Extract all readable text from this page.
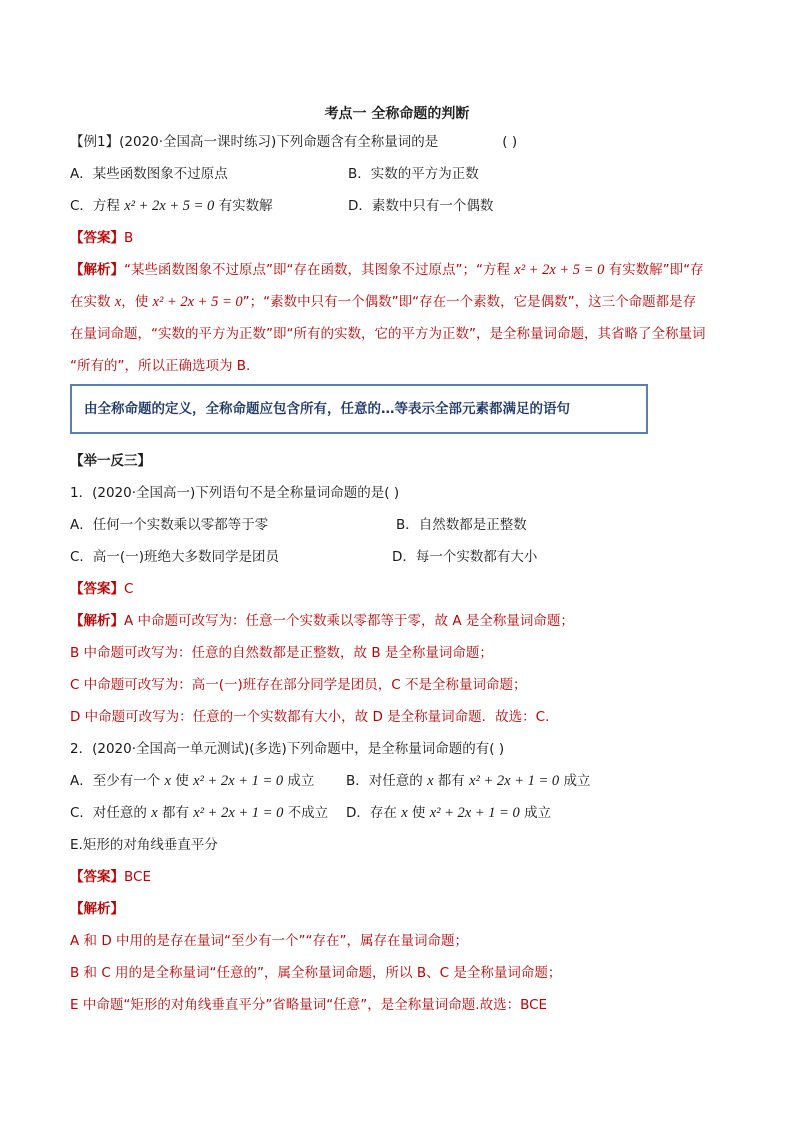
考点一 全称命题的判断
【例1】(2020·全国高一课时练习)下列命题含有全称量词的是	( )
A．某些函数图象不过原点	B．实数的平方为正数
C．方程 x² + 2x + 5 = 0 有实数解	D．素数中只有一个偶数
【答案】B
【解析】“某些函数图象不过原点”即“存在函数，其图象不过原点”；“方程 x² + 2x + 5 = 0 有实数解”即“存
在实数 x，使 x² + 2x + 5 = 0”；“素数中只有一个偶数”即“存在一个素数，它是偶数”，这三个命题都是存
在量词命题，“实数的平方为正数”即“所有的实数，它的平方为正数”，是全称量词命题，其省略了全称量词
“所有的”，所以正确选项为 B.
由全称命题的定义，全称命题应包含所有，任意的…等表示全部元素都满足的语句
【举一反三】
1．(2020·全国高一)下列语句不是全称量词命题的是( )
A．任何一个实数乘以零都等于零	B．自然数都是正整数
C．高一(一)班绝大多数同学是团员	D．每一个实数都有大小
【答案】C
【解析】A 中命题可改写为：任意一个实数乘以零都等于零，故 A 是全称量词命题；
B 中命题可改写为：任意的自然数都是正整数，故 B 是全称量词命题；
C 中命题可改写为：高一(一)班存在部分同学是团员，C 不是全称量词命题；
D 中命题可改写为：任意的一个实数都有大小，故 D 是全称量词命题．故选：C.
2．(2020·全国高一单元测试)(多选)下列命题中，是全称量词命题的有( )
A．至少有一个 x 使 x² + 2x + 1 = 0 成立 B．对任意的 x 都有 x² + 2x + 1 = 0 成立
C．对任意的 x 都有 x² + 2x + 1 = 0 不成立 D．存在 x 使 x² + 2x + 1 = 0 成立
E.矩形的对角线垂直平分
【答案】BCE
【解析】
A 和 D 中用的是存在量词“至少有一个”“存在”，属存在量词命题；
B 和 C 用的是全称量词“任意的”，属全称量词命题，所以 B、C 是全称量词命题；
E 中命题“矩形的对角线垂直平分”省略量词“任意”，是全称量词命题.故选：BCE
